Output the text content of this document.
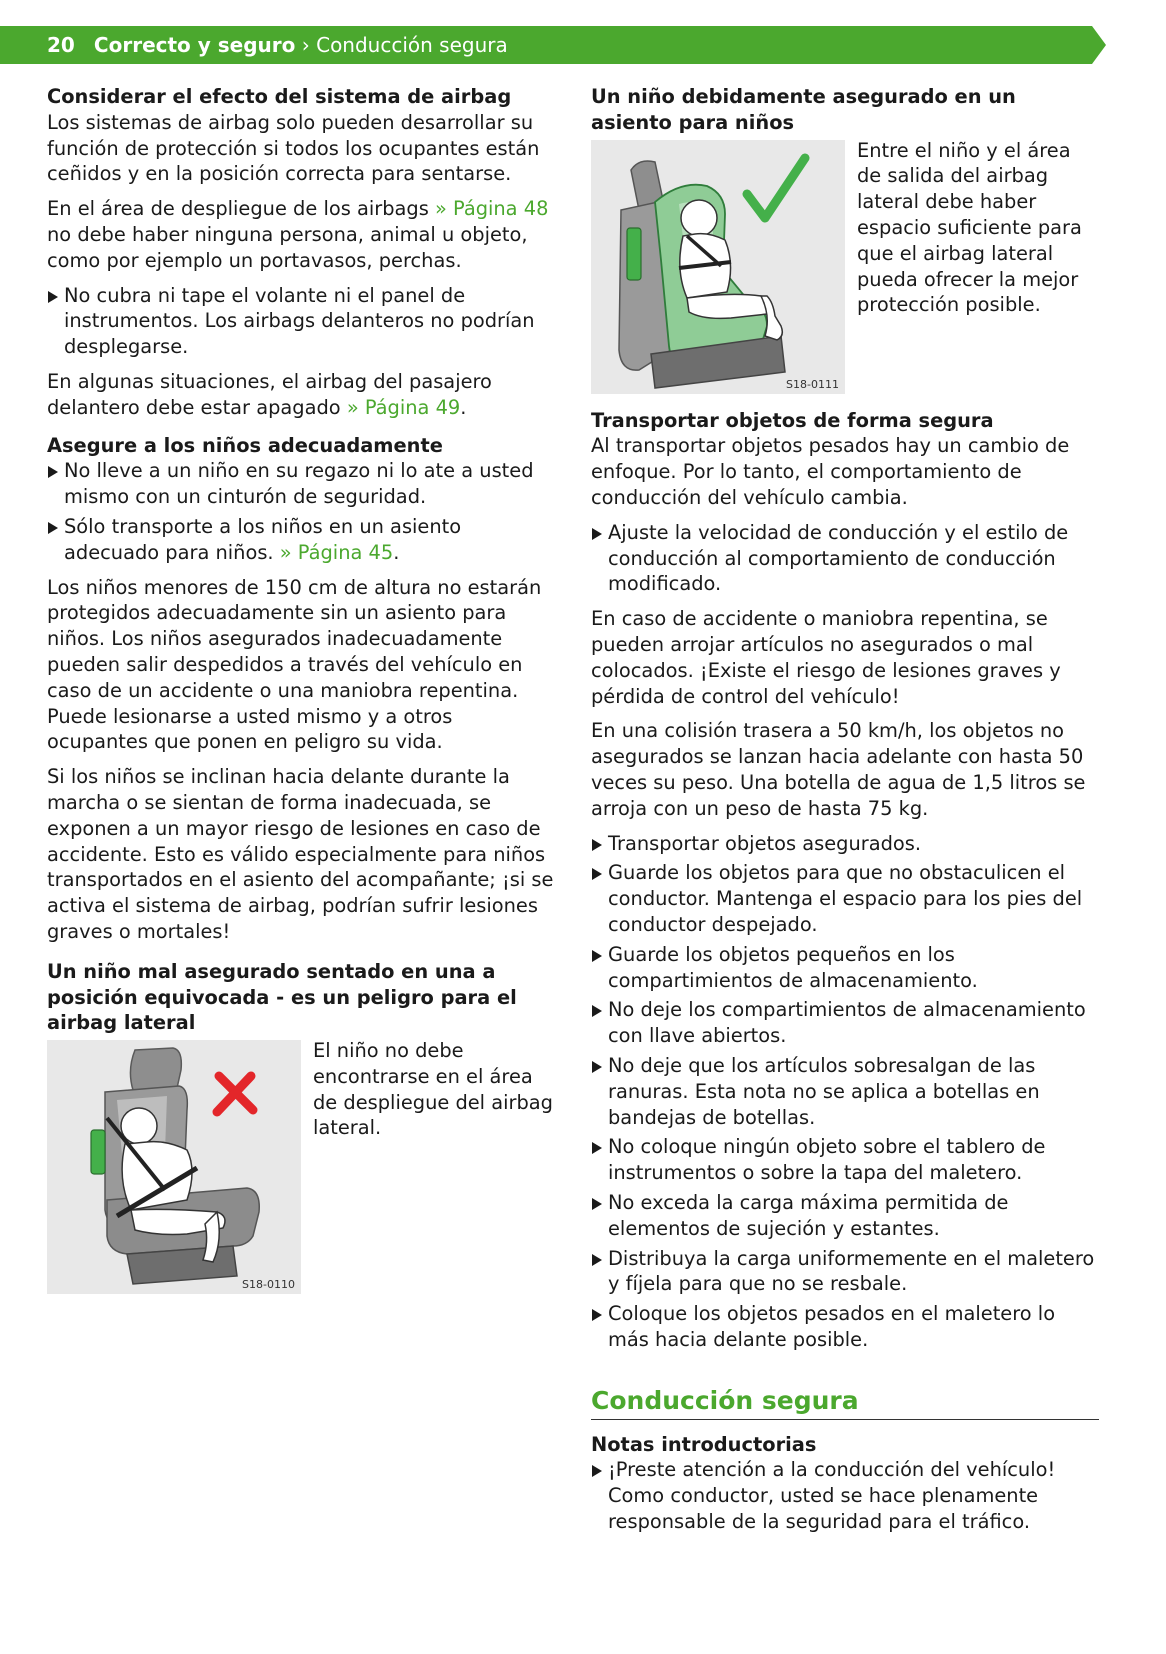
20 Correcto y seguro › Conducción segura
Considerar el efecto del sistema de airbag

Los sistemas de airbag solo pueden desarrollar su función de protección si todos los ocupantes están ceñidos y en la posición correcta para sentarse.

En el área de despliegue de los airbags » Página 48 no debe haber ninguna persona, animal u objeto, como por ejemplo un portavasos, perchas.

No cubra ni tape el volante ni el panel de instrumentos. Los airbags delanteros no podrían desplegarse.

En algunas situaciones, el airbag del pasajero delantero debe estar apagado » Página 49.

Asegure a los niños adecuadamente
No lleve a un niño en su regazo ni lo ate a usted mismo con un cinturón de seguridad.
Sólo transporte a los niños en un asiento adecuado para niños. » Página 45.

Los niños menores de 150 cm de altura no estarán protegidos adecuadamente sin un asiento para niños. Los niños asegurados inadecuadamente pueden salir despedidos a través del vehículo en caso de un accidente o una maniobra repentina. Puede lesionarse a usted mismo y a otros ocupantes que ponen en peligro su vida.

Si los niños se inclinan hacia delante durante la marcha o se sientan de forma inadecuada, se exponen a un mayor riesgo de lesiones en caso de accidente. Esto es válido especialmente para niños transportados en el asiento del acompañante; ¡si se activa el sistema de airbag, podrían sufrir lesiones graves o mortales!

Un niño mal asegurado sentado en una a posición equivocada - es un peligro para el airbag lateral
S18-0110
El niño no debe encontrarse en el área de despliegue del airbag lateral.
Un niño debidamente asegurado en un asiento para niños
S18-0111
Entre el niño y el área de salida del airbag lateral debe haber espacio suficiente para que el airbag lateral pueda ofrecer la mejor protección posible.
Transportar objetos de forma segura

Al transportar objetos pesados hay un cambio de enfoque. Por lo tanto, el comportamiento de conducción del vehículo cambia.

Ajuste la velocidad de conducción y el estilo de conducción al comportamiento de conducción modificado.

En caso de accidente o maniobra repentina, se pueden arrojar artículos no asegurados o mal colocados. ¡Existe el riesgo de lesiones graves y pérdida de control del vehículo!

En una colisión trasera a 50 km/h, los objetos no asegurados se lanzan hacia adelante con hasta 50 veces su peso. Una botella de agua de 1,5 litros se arroja con un peso de hasta 75 kg.

Transportar objetos asegurados.
Guarde los objetos para que no obstaculicen el conductor. Mantenga el espacio para los pies del conductor despejado.
Guarde los objetos pequeños en los compartimientos de almacenamiento.
No deje los compartimientos de almacenamiento con llave abiertos.
No deje que los artículos sobresalgan de las ranuras. Esta nota no se aplica a botellas en bandejas de botellas.
No coloque ningún objeto sobre el tablero de instrumentos o sobre la tapa del maletero.
No exceda la carga máxima permitida de elementos de sujeción y estantes.
Distribuya la carga uniformemente en el maletero y fíjela para que no se resbale.
Coloque los objetos pesados en el maletero lo más hacia delante posible.
Conducción segura
Notas introductorias
¡Preste atención a la conducción del vehículo! Como conductor, usted se hace plenamente responsable de la seguridad para el tráfico.
